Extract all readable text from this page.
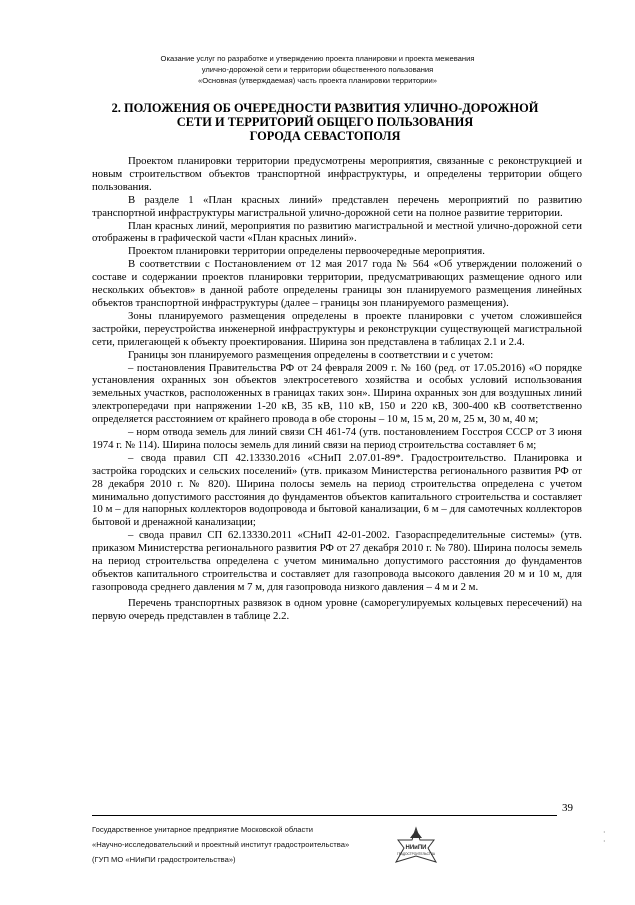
Оказание услуг по разработке и утверждению проекта планировки и проекта межевания
улично-дорожной сети и территории общественного пользования
«Основная (утверждаемая) часть проекта планировки территории»
2. ПОЛОЖЕНИЯ ОБ ОЧЕРЕДНОСТИ РАЗВИТИЯ УЛИЧНО-ДОРОЖНОЙ
СЕТИ И ТЕРРИТОРИЙ ОБЩЕГО ПОЛЬЗОВАНИЯ
ГОРОДА СЕВАСТОПОЛЯ

Проектом планировки территории предусмотрены мероприятия, связанные с реконструкцией и новым строительством объектов транспортной инфраструктуры, и определены территории общего пользования.

В разделе 1 «План красных линий» представлен перечень мероприятий по развитию транспортной инфраструктуры магистральной улично-дорожной сети на полное развитие территории.

План красных линий, мероприятия по развитию магистральной и местной улично-дорожной сети отображены в графической части «План красных линий».

Проектом планировки территории определены первоочередные мероприятия.

В соответствии с Постановлением от 12 мая 2017 года № 564 «Об утверждении положений о составе и содержании проектов планировки территории, предусматривающих размещение одного или нескольких объектов» в данной работе определены границы зон планируемого размещения линейных объектов транспортной инфраструктуры (далее – границы зон планируемого размещения).

Зоны планируемого размещения определены в проекте планировки с учетом сложившейся застройки, переустройства инженерной инфраструктуры и реконструкции существующей магистральной сети, прилегающей к объекту проектирования. Ширина зон представлена в таблицах 2.1 и 2.4.

Границы зон планируемого размещения определены в соответствии и с учетом:

– постановления Правительства РФ от 24 февраля 2009 г. № 160 (ред. от 17.05.2016) «О порядке установления охранных зон объектов электросетевого хозяйства и особых условий использования земельных участков, расположенных в границах таких зон». Ширина охранных зон для воздушных линий электропередачи при напряжении 1-20 кВ, 35 кВ, 110 кВ, 150 и 220 кВ, 300-400 кВ соответственно определяется расстоянием от крайнего провода в обе стороны – 10 м, 15 м, 20 м, 25 м, 30 м, 40 м;

– норм отвода земель для линий связи СН 461-74 (утв. постановлением Госстроя СССР от 3 июня 1974 г. № 114). Ширина полосы земель для линий связи на период строительства составляет 6 м;

– свода правил СП 42.13330.2016 «СНиП 2.07.01-89*. Градостроительство. Планировка и застройка городских и сельских поселений» (утв. приказом Министерства регионального развития РФ от 28 декабря 2010 г. № 820). Ширина полосы земель на период строительства определена с учетом минимально допустимого расстояния до фундаментов объектов капитального строительства и составляет 10 м – для напорных коллекторов водопровода и бытовой канализации, 6 м – для самотечных коллекторов бытовой и дренажной канализации;

– свода правил СП 62.13330.2011 «СНиП 42-01-2002. Газораспределительные системы» (утв. приказом Министерства регионального развития РФ от 27 декабря 2010 г. № 780). Ширина полосы земель на период строительства определена с учетом минимально допустимого расстояния до фундаментов объектов капитального строительства и составляет для газопровода высокого давления 20 м и 10 м, для газопровода среднего давления м 7 м, для газопровода низкого давления – 4 м и 2 м.

Перечень транспортных развязок в одном уровне (саморегулируемых кольцевых пересечений) на первую очередь представлен в таблице 2.2.

39
Государственное унитарное предприятие Московской области
«Научно-исследовательский и проектный институт градостроительства»
(ГУП МО «НИиПИ градостроительства»)
НИиПИ
ГРАДОСТРОИТЕЛЬСТВА
·
·
